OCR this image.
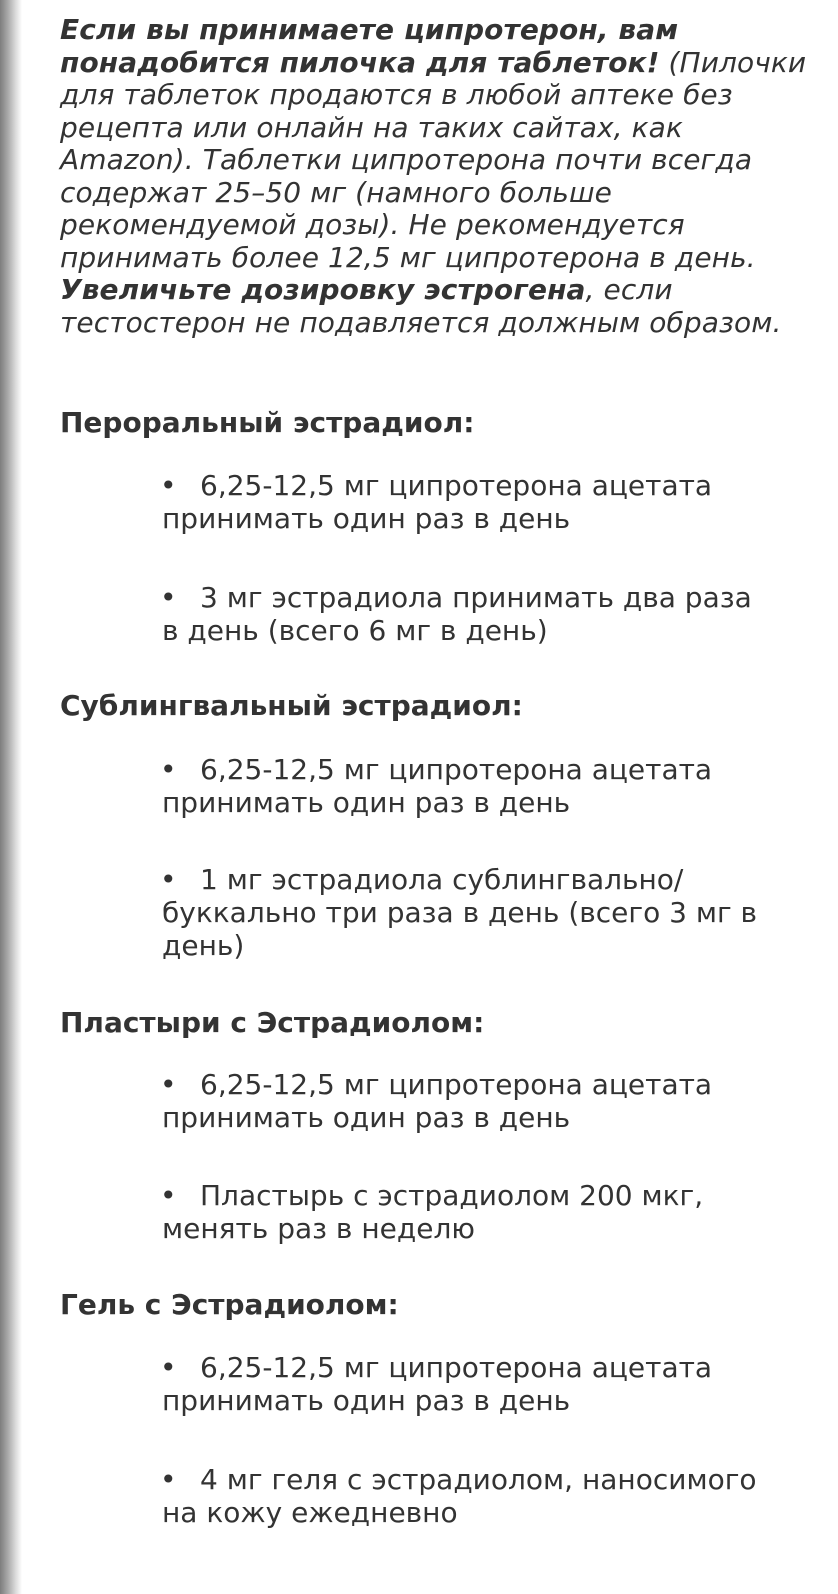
Если вы принимаете ципротерон, вам понадобится пилочка для таблеток! (Пилочки для таблеток продаются в любой аптеке без рецепта или онлайн на таких сайтах, как Amazon). Таблетки ципротерона почти всегда содержат 25–50 мг (намного больше рекомендуемой дозы). Не рекомендуется принимать более 12,5 мг ципротерона в день. Увеличьте дозировку эстрогена, если тестостерон не подавляется должным образом.

Пероральный эстрадиол:
• 6,25-12,5 мг ципротерона ацетата принимать один раз в день
• 3 мг эстрадиола принимать два раза в день (всего 6 мг в день)
Сублингвальный эстрадиол:
• 6,25-12,5 мг ципротерона ацетата принимать один раз в день
• 1 мг эстрадиола сублингвально/буккально три раза в день (всего 3 мг в день)
Пластыри с Эстрадиолом:
• 6,25-12,5 мг ципротерона ацетата принимать один раз в день
• Пластырь с эстрадиолом 200 мкг, менять раз в неделю
Гель с Эстрадиолом:
• 6,25-12,5 мг ципротерона ацетата принимать один раз в день
• 4 мг геля с эстрадиолом, наносимого на кожу ежедневно
